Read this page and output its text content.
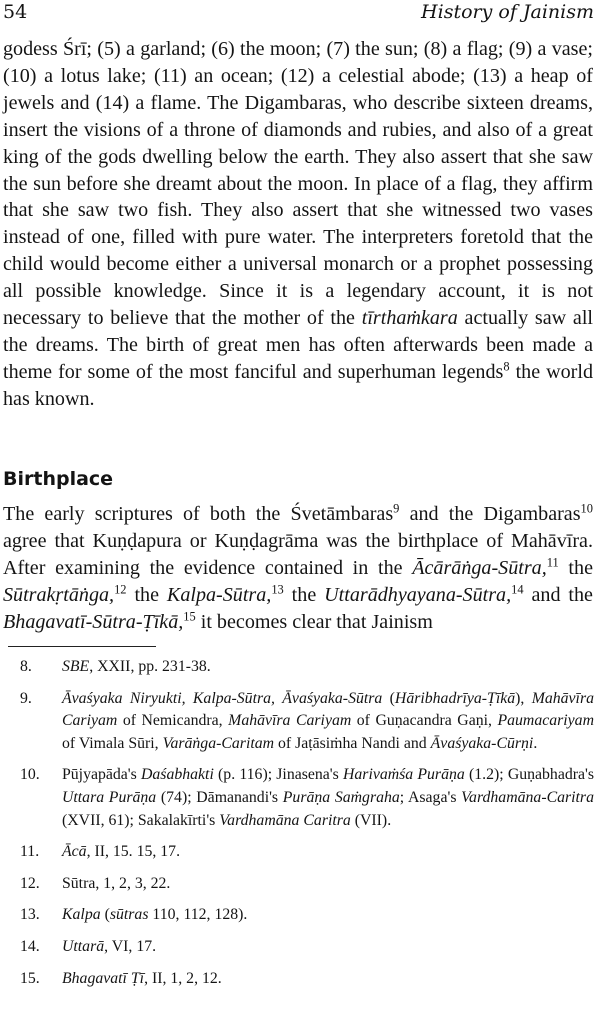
54	History of Jainism

godess Śrī; (5) a garland; (6) the moon; (7) the sun; (8) a flag; (9) a vase; (10) a lotus lake; (11) an ocean; (12) a celestial abode; (13) a heap of jewels and (14) a flame. The Digambaras, who describe sixteen dreams, insert the visions of a throne of diamonds and rubies, and also of a great king of the gods dwelling below the earth. They also assert that she saw the sun before she dreamt about the moon. In place of a flag, they affirm that she saw two fish. They also assert that she witnessed two vases instead of one, filled with pure water. The interpreters foretold that the child would become either a universal monarch or a prophet possessing all possible knowledge. Since it is a legendary account, it is not necessary to believe that the mother of the tīrthaṁkara actually saw all the dreams. The birth of great men has often afterwards been made a theme for some of the most fanciful and superhuman legends$^8$ the world has known.

Birthplace

The early scriptures of both the Śvetāmbaras$^9$ and the Digambaras$^{10}$ agree that Kuṇḍapura or Kuṇḍagrāma was the birthplace of Mahāvīra. After examining the evidence contained in the Ācārāṅga-Sūtra,$^{11}$ the Sūtrakṛtāṅga,$^{12}$ the Kalpa-Sūtra,$^{13}$ the Uttarādhyayana-Sūtra,$^{14}$ and the Bhagavatī-Sūtra-Ṭīkā,$^{15}$ it becomes clear that Jainism

8.	SBE, XXII, pp. 231-38.
9.	Āvaśyaka Niryukti, Kalpa-Sūtra, Āvaśyaka-Sūtra (Hāribhadrīya-Ṭīkā), Mahāvīra Cariyam of Nemicandra, Mahāvīra Cariyam of Guṇacandra Gaṇi, Paumacariyam of Vimala Sūri, Varāṅga-Caritam of Jaṭāsiṁha Nandi and Āvaśyaka-Cūrṇi.
10.	Pūjyapāda's Daśabhakti (p. 116); Jinasena's Harivaṁśa Purāṇa (1.2); Guṇabhadra's Uttara Purāṇa (74); Dāmanandi's Purāṇa Saṁgraha; Asaga's Vardhamāna-Caritra (XVII, 61); Sakalakīrti's Vardhamāna Caritra (VII).
11.	Ācā, II, 15. 15, 17.
12.	Sūtra, 1, 2, 3, 22.
13.	Kalpa (sūtras 110, 112, 128).
14.	Uttarā, VI, 17.
15.	Bhagavatī Ṭī, II, 1, 2, 12.
